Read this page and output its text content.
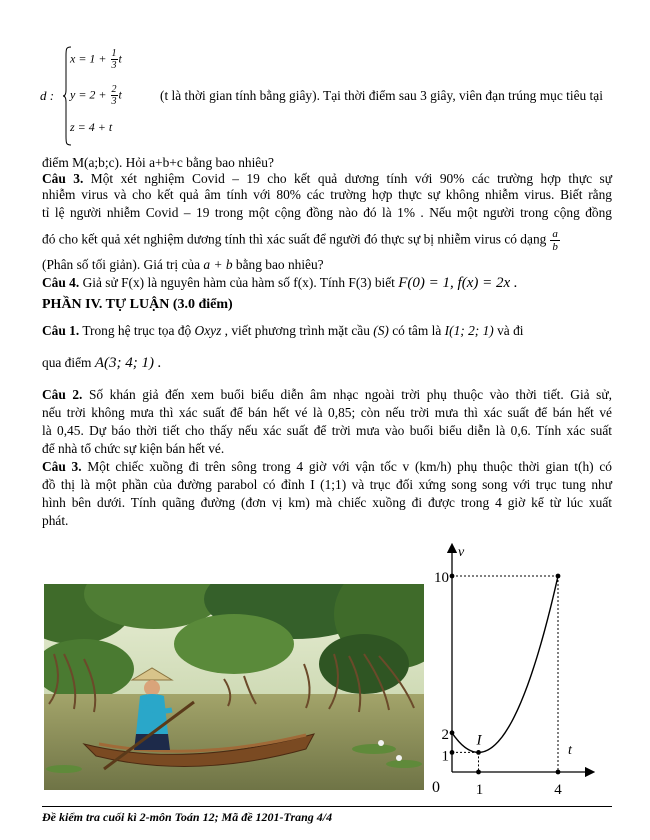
d :
$x = 1 + \frac{1}{3}$ t
$y = 2 + \frac{2}{3}$ t
z = 4 + t
(t là thời gian tính bằng giây). Tại thời điểm sau 3 giây, viên đạn trúng mục tiêu tại
điểm M(a;b;c). Hỏi a+b+c bằng bao nhiêu?
Câu 3. Một xét nghiệm Covid – 19 cho kết quả dương tính với 90% các trường hợp thực sự
nhiễm virus và cho kết quả âm tính với 80% các trường hợp thực sự không nhiễm virus. Biết rằng
tỉ lệ người nhiễm Covid – 19 trong một cộng đồng nào đó là 1% . Nếu một người trong cộng đồng
đó cho kết quả xét nghiệm dương tính thì xác suất để người đó thực sự bị nhiễm virus có dạng $\frac{a}{b}$
(Phân số tối giản). Giá trị của a + b bằng bao nhiêu?
Câu 4. Giả sử F(x) là nguyên hàm của hàm số f(x). Tính F(3) biết F(0) = 1, f(x) = 2x .
PHẦN IV. TỰ LUẬN (3.0 điểm)
Câu 1. Trong hệ trục tọa độ Oxyz , viết phương trình mặt cầu (S) có tâm là I(1; 2; 1) và đi
qua điểm A(3; 4; 1) .
Câu 2. Số khán giả đến xem buổi biểu diễn âm nhạc ngoài trời phụ thuộc vào thời tiết. Giả sử,
nếu trời không mưa thì xác suất để bán hết vé là 0,85; còn nếu trời mưa thì xác suất để bán hết vé
là 0,45. Dự báo thời tiết cho thấy nếu xác suất để trời mưa vào buổi biểu diễn là 0,6. Tính xác suất
để nhà tổ chức sự kiện bán hết vé.
Câu 3. Một chiếc xuồng đi trên sông trong 4 giờ với vận tốc v (km/h) phụ thuộc thời gian t(h) có
đồ thị là một phần của đường parabol có đỉnh I (1;1) và trục đối xứng song song với trục tung như
hình bên dưới. Tính quãng đường (đơn vị km) mà chiếc xuồng đi được trong 4 giờ kể từ lúc xuất
phát.
v
t
0
I
10
2
1
1	4
Đề kiểm tra cuối kì 2-môn Toán 12; Mã đề 1201-Trang 4/4
